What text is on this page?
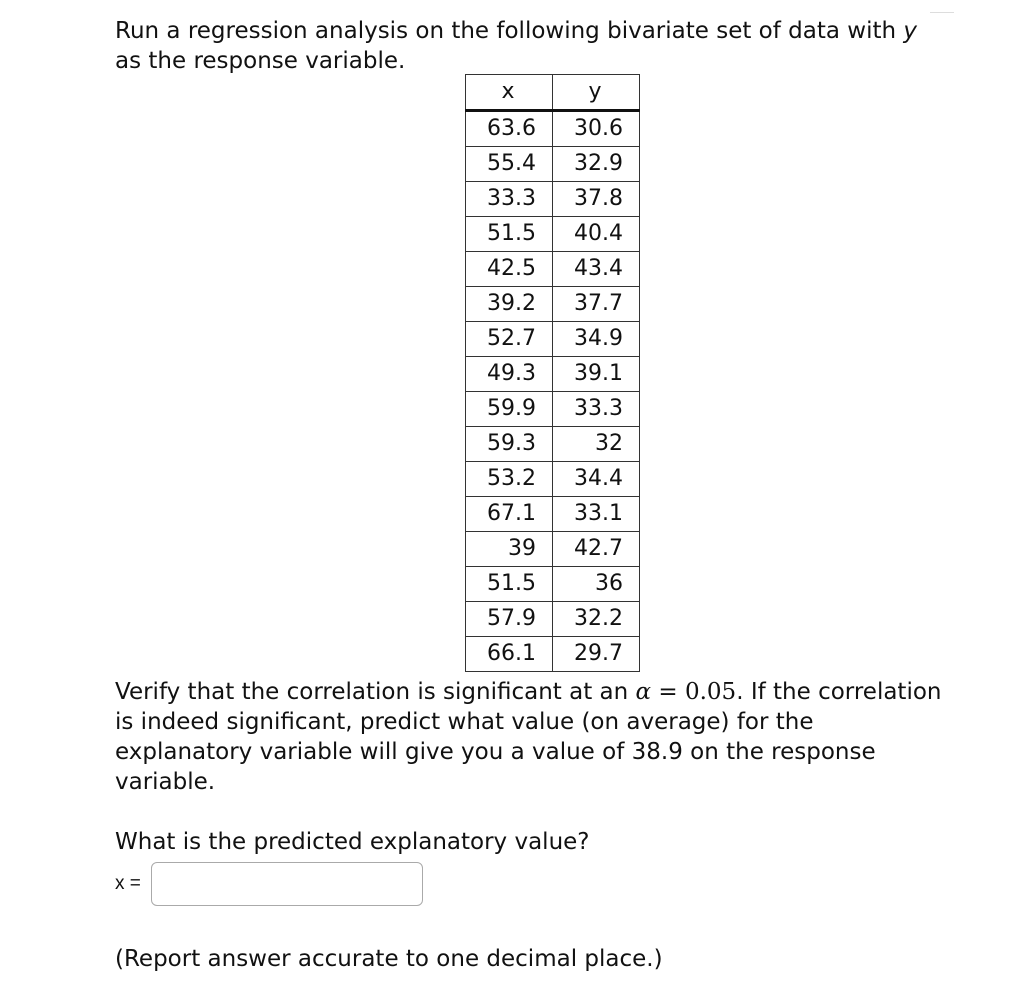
Run a regression analysis on the following bivariate set of data with y as the response variable.

x	y
63.6	30.6
55.4	32.9
33.3	37.8
51.5	40.4
42.5	43.4
39.2	37.7
52.7	34.9
49.3	39.1
59.9	33.3
59.3	32
53.2	34.4
67.1	33.1
39	42.7
51.5	36
57.9	32.2
66.1	29.7

Verify that the correlation is significant at an α = 0.05. If the correlation is indeed significant, predict what value (on average) for the explanatory variable will give you a value of 38.9 on the response variable.

What is the predicted explanatory value?

x =

(Report answer accurate to one decimal place.)
